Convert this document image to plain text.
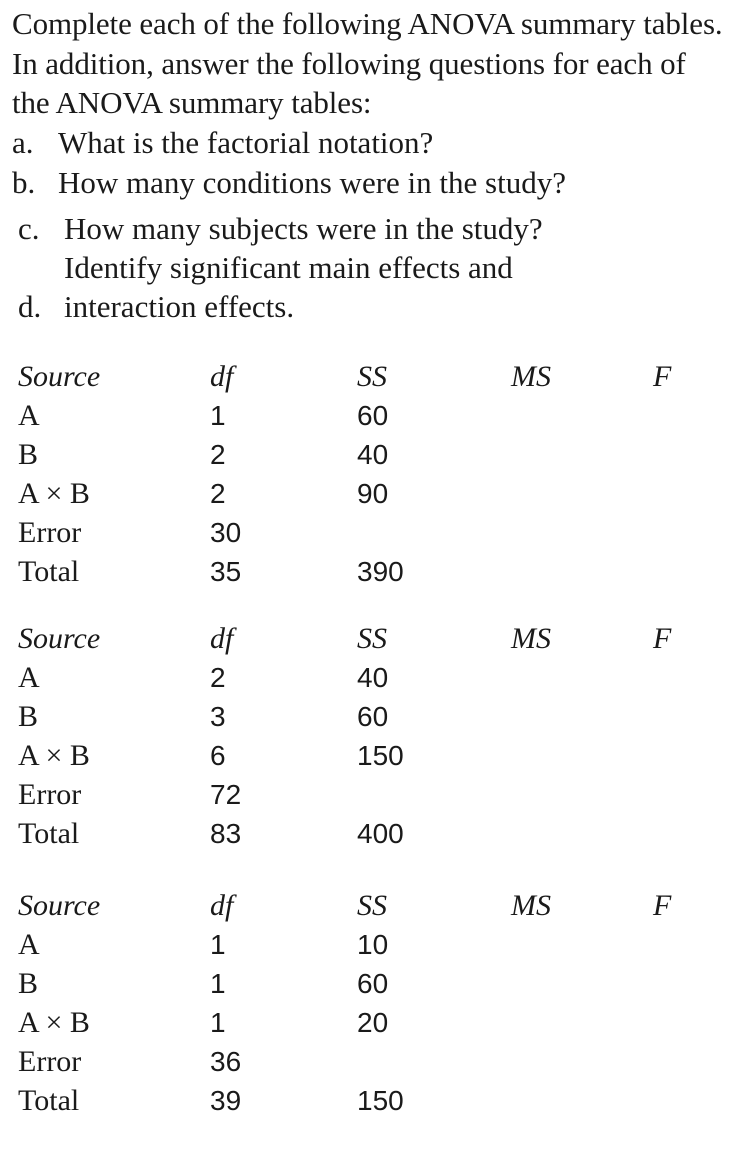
Complete each of the following ANOVA summary tables. In addition, answer the following questions for each of the ANOVA summary tables:

a. What is the factorial notation?
b. How many conditions were in the study?
c. How many subjects were in the study?
d.Identify significant main effects and
interaction effects.
Source	df	SS	MS	F
A	1	60
B	2	40
A × B	2	90
Error	30
Total	35	390
Source	df	SS	MS	F
A	2	40
B	3	60
A × B	6	150
Error	72
Total	83	400
Source	df	SS	MS	F
A	1	10
B	1	60
A × B	1	20
Error	36
Total	39	150
